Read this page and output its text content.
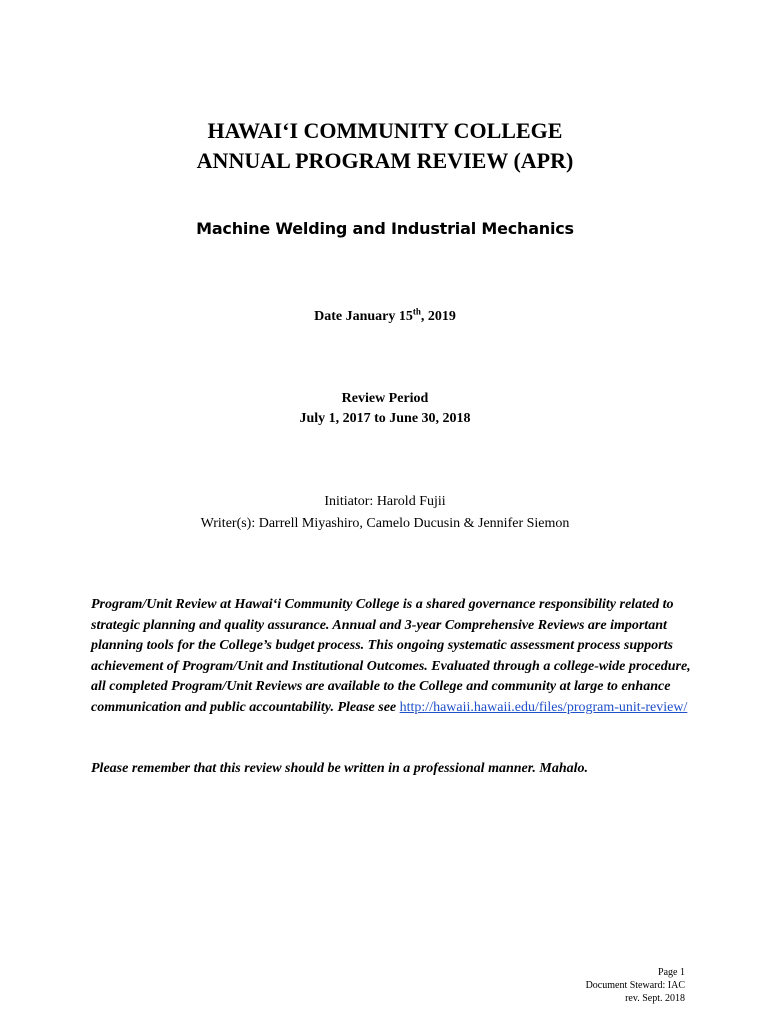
HAWAI‘I COMMUNITY COLLEGE
ANNUAL PROGRAM REVIEW (APR)
Machine Welding and Industrial Mechanics
Date January 15th, 2019
Review Period
July 1, 2017 to June 30, 2018
Initiator: Harold Fujii
Writer(s): Darrell Miyashiro, Camelo Ducusin & Jennifer Siemon
Program/Unit Review at Hawai‘i Community College is a shared governance responsibility related to strategic planning and quality assurance. Annual and 3-year Comprehensive Reviews are important planning tools for the College’s budget process. This ongoing systematic assessment process supports achievement of Program/Unit and Institutional Outcomes. Evaluated through a college-wide procedure, all completed Program/Unit Reviews are available to the College and community at large to enhance communication and public accountability. Please see http://hawaii.hawaii.edu/files/program-unit-review/
Please remember that this review should be written in a professional manner. Mahalo.
Page 1
Document Steward: IAC
rev. Sept. 2018
